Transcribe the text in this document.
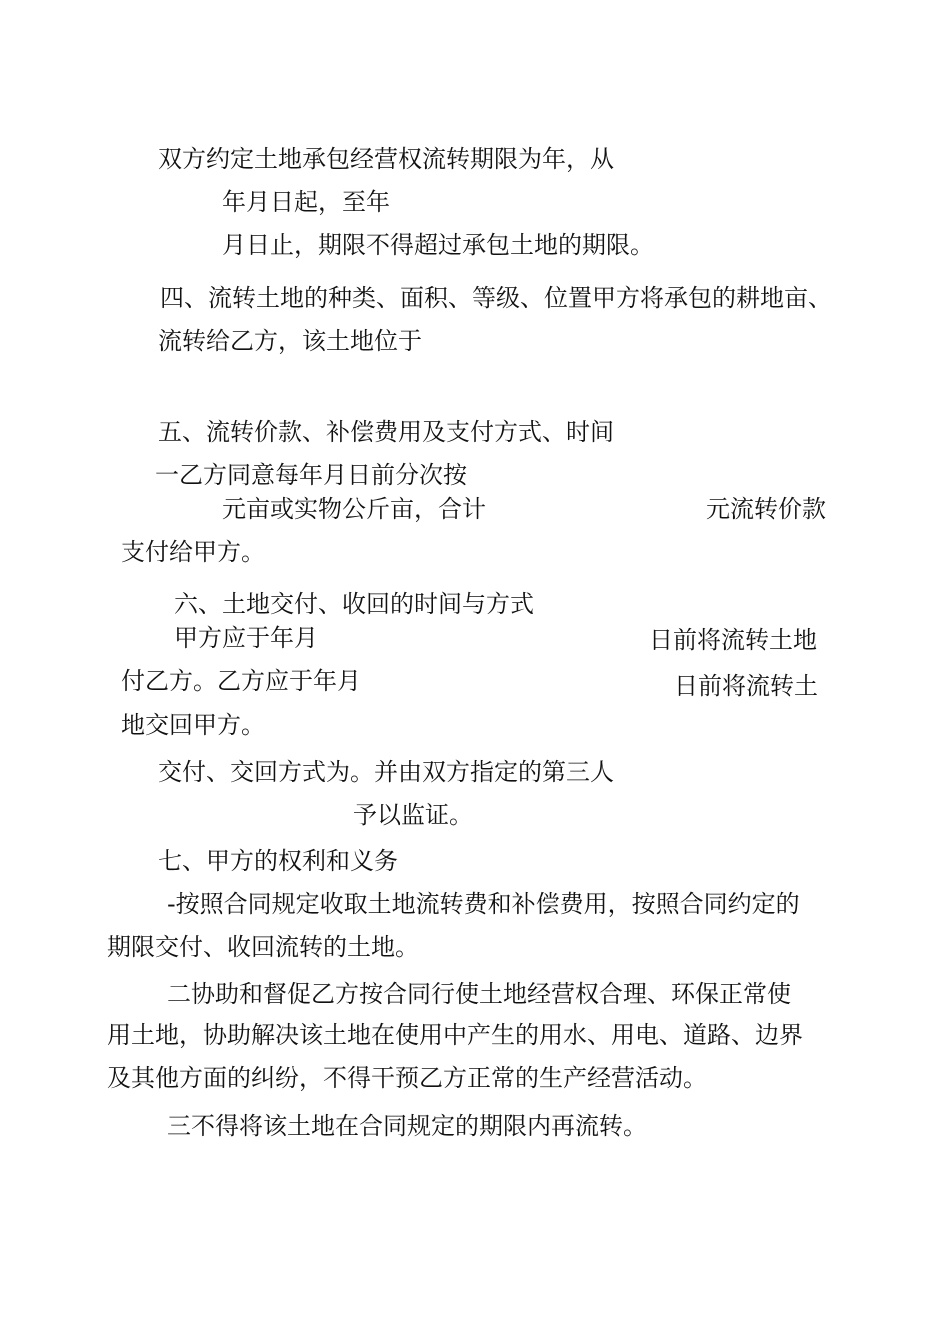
双方约定土地承包经营权流转期限为年，从
年月日起，至年
月日止，期限不得超过承包土地的期限。
四、流转土地的种类、面积、等级、位置甲方将承包的耕地亩、
流转给乙方，该土地位于
五、流转价款、补偿费用及支付方式、时间
一乙方同意每年月日前分次按
元亩或实物公斤亩，合计	元流转价款
支付给甲方。
六、土地交付、收回的时间与方式
甲方应于年月	日前将流转土地
付乙方。乙方应于年月	日前将流转土
地交回甲方。
交付、交回方式为。并由双方指定的第三人
予以监证。
七、甲方的权利和义务
-按照合同规定收取土地流转费和补偿费用，按照合同约定的
期限交付、收回流转的土地。
二协助和督促乙方按合同行使土地经营权合理、环保正常使
用土地，协助解决该土地在使用中产生的用水、用电、道路、边界
及其他方面的纠纷，不得干预乙方正常的生产经营活动。
三不得将该土地在合同规定的期限内再流转。
